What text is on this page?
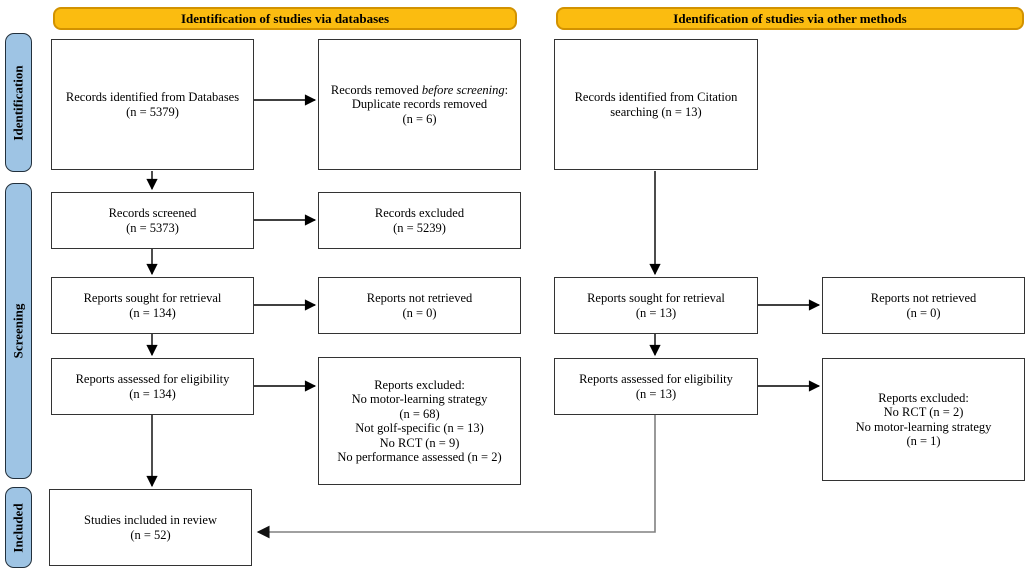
Identification of studies via databases	Identification of studies via other methods
Identification
Screening
Included
Records identified from Databases
(n = 5379)
Records removed before screening:
Duplicate records removed
(n = 6)
Records identified from Citation
searching (n = 13)
Records screened
(n = 5373)
Records excluded
(n = 5239)
Reports sought for retrieval
(n = 134)
Reports not retrieved
(n = 0)
Reports sought for retrieval
(n = 13)
Reports not retrieved
(n = 0)
Reports assessed for eligibility
(n = 134)
Reports excluded:
No motor-learning strategy
(n = 68)
Not golf-specific (n = 13)
No RCT (n = 9)
No performance assessed (n = 2)
Reports assessed for eligibility
(n = 13)	Reports excluded:
No RCT (n = 2)
No motor-learning strategy
(n = 1)
Studies included in review
(n = 52)
